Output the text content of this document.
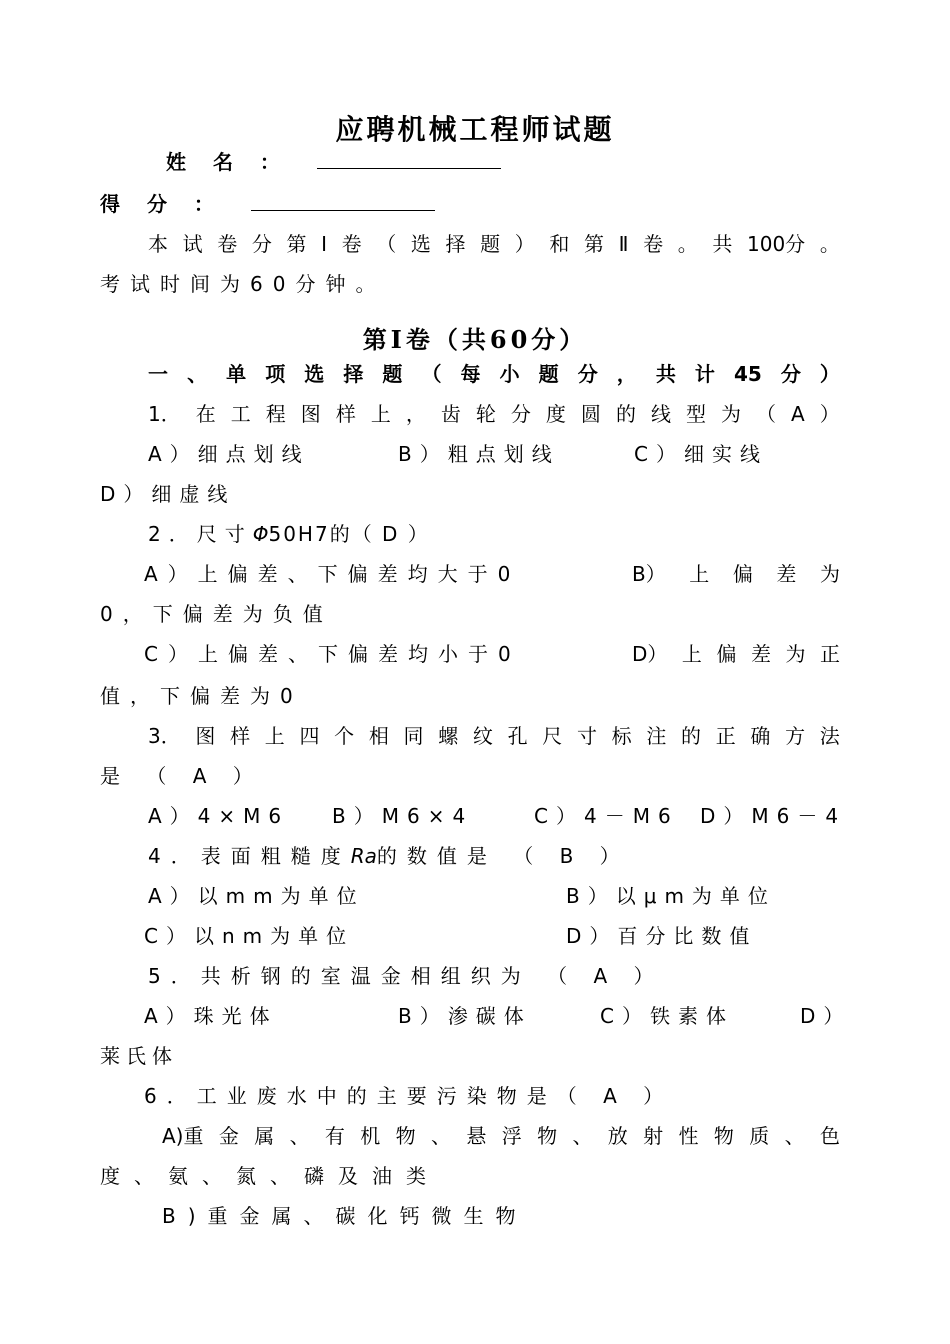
应聘机械工程师试题
姓 名 ：
得 分 ：
本 试 卷 分 第 Ⅰ 卷 （ 选 择 题 ） 和 第 Ⅱ 卷 。 共 100分 。
考试时间为60分钟。
第Ⅰ卷（共60分）
一 、 单 项 选 择 题 （ 每 小 题 分 ， 共 计 45 分 ）
1． 在 工 程 图 样 上 ， 齿 轮 分 度 圆 的 线 型 为 （ A ）
A）细点划线	B）粗点划线	C）细实线
D）细虚线
2．尺寸Φ50H7的（ D ）
A）上偏差、下偏差均大于0	B） 上 偏 差 为
0，下偏差为负值
C）上偏差、下偏差均小于0	D） 上 偏 差 为 正
值，下偏差为0
3． 图 样 上 四 个 相 同 螺 纹 孔 尺 寸 标 注 的 正 确 方 法
是 （ A ）
A）4×M6 B）M6×4	C）4－M6 D）M6－4
4．表面粗糙度Ra的数值是 （ B ）
A）以mm为单位	B）以μm为单位
C）以nm为单位	D）百分比数值
5．共析钢的室温金相组织为 （ A ）
A）珠光体	B）渗碳体	C）铁素体	D）
莱氏体
6．工业废水中的主要污染物是（ A ）
A)重 金 属 、 有 机 物 、 悬 浮 物 、 放 射 性 物 质 、 色
度、氨、氮、磷及油类
B)重金属、碳化钙微生物
